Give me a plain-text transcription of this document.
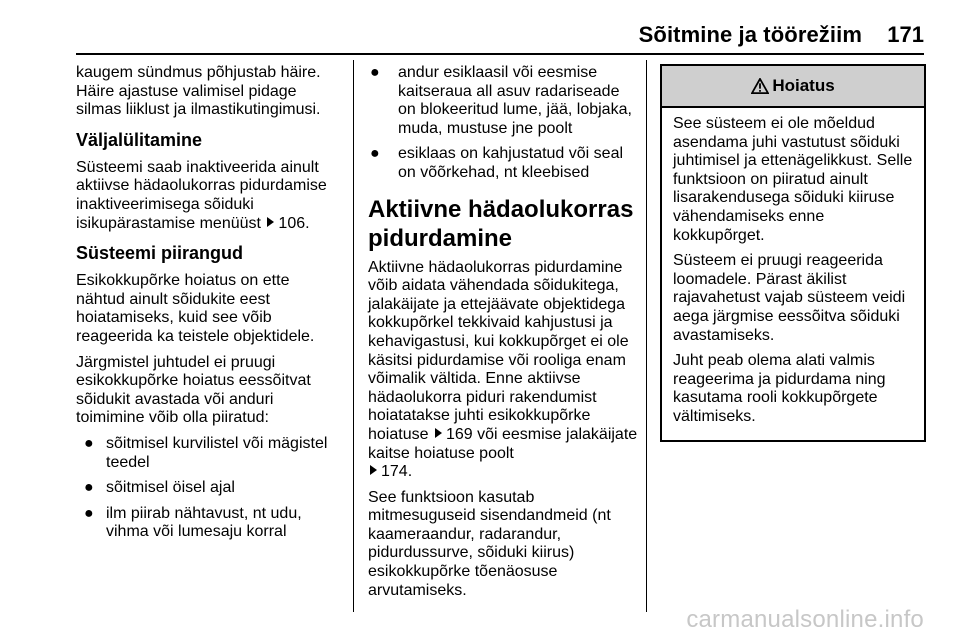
Sõitmine ja töörežiim 171

kaugem sündmus põhjustab häire. Häire ajastuse valimisel pidage silmas liiklust ja ilmastikutingimusi.

Väljalülitamine

Süsteemi saab inaktiveerida ainult aktiivse hädaolukorras pidurdamise inaktiveerimisega sõiduki isikupärastamise menüüst 106.

Süsteemi piirangud

Esikokkupõrke hoiatus on ette nähtud ainult sõidukite eest hoiatamiseks, kuid see võib reageerida ka teistele objektidele.

Järgmistel juhtudel ei pruugi esikokkupõrke hoiatus eessõitvat sõidukit avastada või anduri toimimine võib olla piiratud:

● sõitmisel kurvilistel või mägistel teedel
● sõitmisel öisel ajal
● ilm piirab nähtavust, nt udu, vihma või lumesaju korral
● andur esiklaasil või eesmise kaitseraua all asuv radariseade on blokeeritud lume, jää, lobjaka, muda, mustuse jne poolt
● esiklaas on kahjustatud või seal on võõrkehad, nt kleebised
Aktiivne hädaolukorras pidurdamine

Aktiivne hädaolukorras pidurdamine võib aidata vähendada sõidukitega, jalakäijate ja ettejäävate objektidega kokkupõrkel tekkivaid kahjustusi ja kehavigastusi, kui kokkupõrget ei ole käsitsi pidurdamise või rooliga enam võimalik vältida. Enne aktiivse hädaolukorra piduri rakendumist hoiatatakse juhti esikokkupõrke hoiatuse 169 või eesmise jalakäijate kaitse hoiatuse poolt
174.

See funktsioon kasutab mitmesuguseid sisendandmeid (nt kaameraandur, radarandur, pidurdussurve, sõiduki kiirus) esikokkupõrke tõenäosuse arvutamiseks.

Hoiatus

See süsteem ei ole mõeldud asendama juhi vastutust sõiduki juhtimisel ja ettenägelikkust. Selle funktsioon on piiratud ainult lisarakendusega sõiduki kiiruse vähendamiseks enne kokkupõrget.

Süsteem ei pruugi reageerida loomadele. Pärast äkilist rajavahetust vajab süsteem veidi aega järgmise eessõitva sõiduki avastamiseks.

Juht peab olema alati valmis reageerima ja pidurdama ning kasutama rooli kokkupõrgete vältimiseks.

carmanualsonline.info
